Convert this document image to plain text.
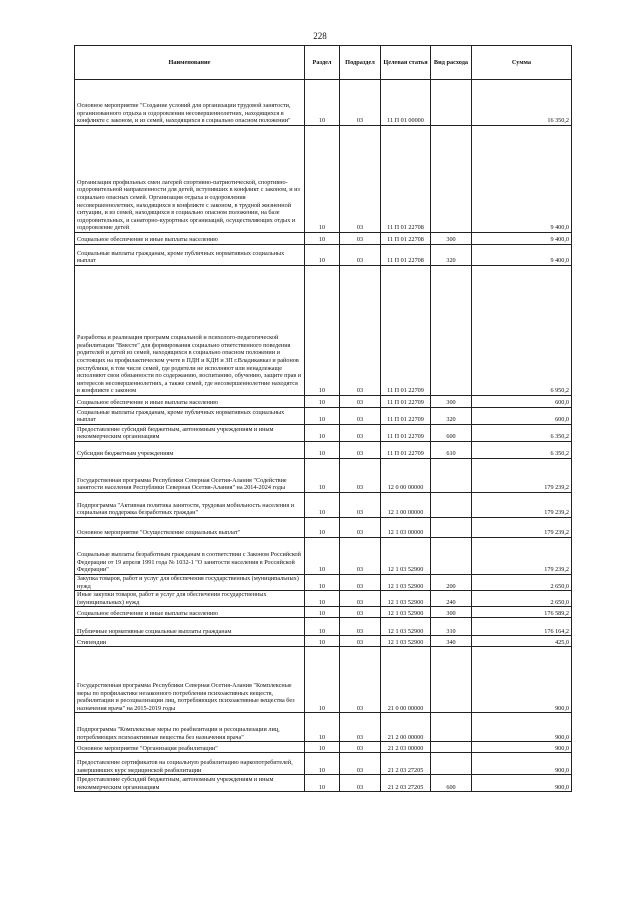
228
Наименование	Раздел	Подраздел	Целевая статья	Вид расхода	Сумма
Основное мероприятие "Создание условий для организации трудовой занятости, организованного отдыха и оздоровления несовершеннолетних, находящихся в конфликте с законом, и из семей, находящихся в социально опасном положении"	10	03	11 П 01 00000		16 350,2
Организация профильных смен лагерей спортивно-патриотической, спортивно-оздоровительной направленности для детей, вступивших в конфликт с законом, и из социально опасных семей. Организация отдыха и оздоровления несовершеннолетних, находящихся в конфликте с законом, в трудной жизненной ситуации, и из семей, находящихся в социально опасном положении, на базе оздоровительных, и санаторно-курортных организаций, осуществляющих отдых и оздоровление детей	10	03	11 П 01 22708		9 400,0
Социальное обеспечение и иные выплаты населению	10	03	11 П 01 22708	300	9 400,0
Социальные выплаты гражданам, кроме публичных нормативных социальных выплат	10	03	11 П 01 22708	320	9 400,0
Разработка и реализация программ социальной и психолого-педагогической реабилитации "Вместе" для формирования социально ответственного поведения родителей и детей из семей, находящихся в социально опасном положении и состоящих на профилактическом учете в ПДН и КДН и ЗП г.Владикавказ и районов республики, в том числе семей, где родители не исполняют или ненадлежаще исполняют свои обязанности по содержанию, воспитанию, обучению, защите прав и интересов несовершеннолетних, а также семей, где несовершеннолетние находятся в конфликте с законом	10	03	11 П 01 22709		6 950,2
Социальное обеспечение и иные выплаты населению	10	03	11 П 01 22709	300	600,0
Социальные выплаты гражданам, кроме публичных нормативных социальных выплат	10	03	11 П 01 22709	320	600,0
Предоставление субсидий бюджетным, автономным учреждениям и иным некоммерческим организациям	10	03	11 П 01 22709	600	6 350,2
Субсидии бюджетным учреждениям	10	03	11 П 01 22709	610	6 350,2
Государственная программа Республики Северная Осетия-Алания "Содействие занятости населения Республики Северная Осетия-Алания" на 2014-2024 годы	10	03	12 0 00 00000		179 239,2
Подпрограмма "Активная политика занятости, трудовая мобильность населения и социальная поддержка безработных граждан"	10	03	12 1 00 00000		179 239,2
Основное мероприятие "Осуществление социальных выплат"	10	03	12 1 03 00000		179 239,2
Социальные выплаты безработным гражданам в соответствии с Законом Российской Федерации от 19 апреля 1991 года № 1032-1 "О занятости населения в Российской Федерации"	10	03	12 1 03 52900		179 239,2
Закупка товаров, работ и услуг для обеспечения государственных (муниципальных) нужд	10	03	12 1 03 52900	200	2 650,0
Иные закупки товаров, работ и услуг для обеспечения государственных (муниципальных) нужд	10	03	12 1 03 52900	240	2 650,0
Социальное обеспечение и иные выплаты населению	10	03	12 1 03 52900	300	176 589,2
Публичные нормативные социальные выплаты гражданам	10	03	12 1 03 52900	310	176 164,2
Стипендии	10	03	12 1 03 52900	340	425,0
Государственная программа Республики Северная Осетия-Алания "Комплексные меры по профилактике незаконного потребления психоактивных веществ, реабилитации и ресоциализации лиц, потребляющих психоактивные вещества без назначения врача" на 2015-2019 годы	10	03	21 0 00 00000		900,0
Подпрограмма "Комплексные меры по реабилитации и ресоциализации лиц, потребляющих психоактивные вещества без назначения врача"	10	03	21 2 00 00000		900,0
Основное мероприятие "Организация реабилитации"	10	03	21 2 03 00000		900,0
Предоставление сертификатов на социальную реабилитацию наркопотребителей, завершивших курс медицинской реабилитации	10	03	21 2 03 27205		900,0
Предоставление субсидий бюджетным, автономным учреждениям и иным некоммерческим организациям	10	03	21 2 03 27205	600	900,0
